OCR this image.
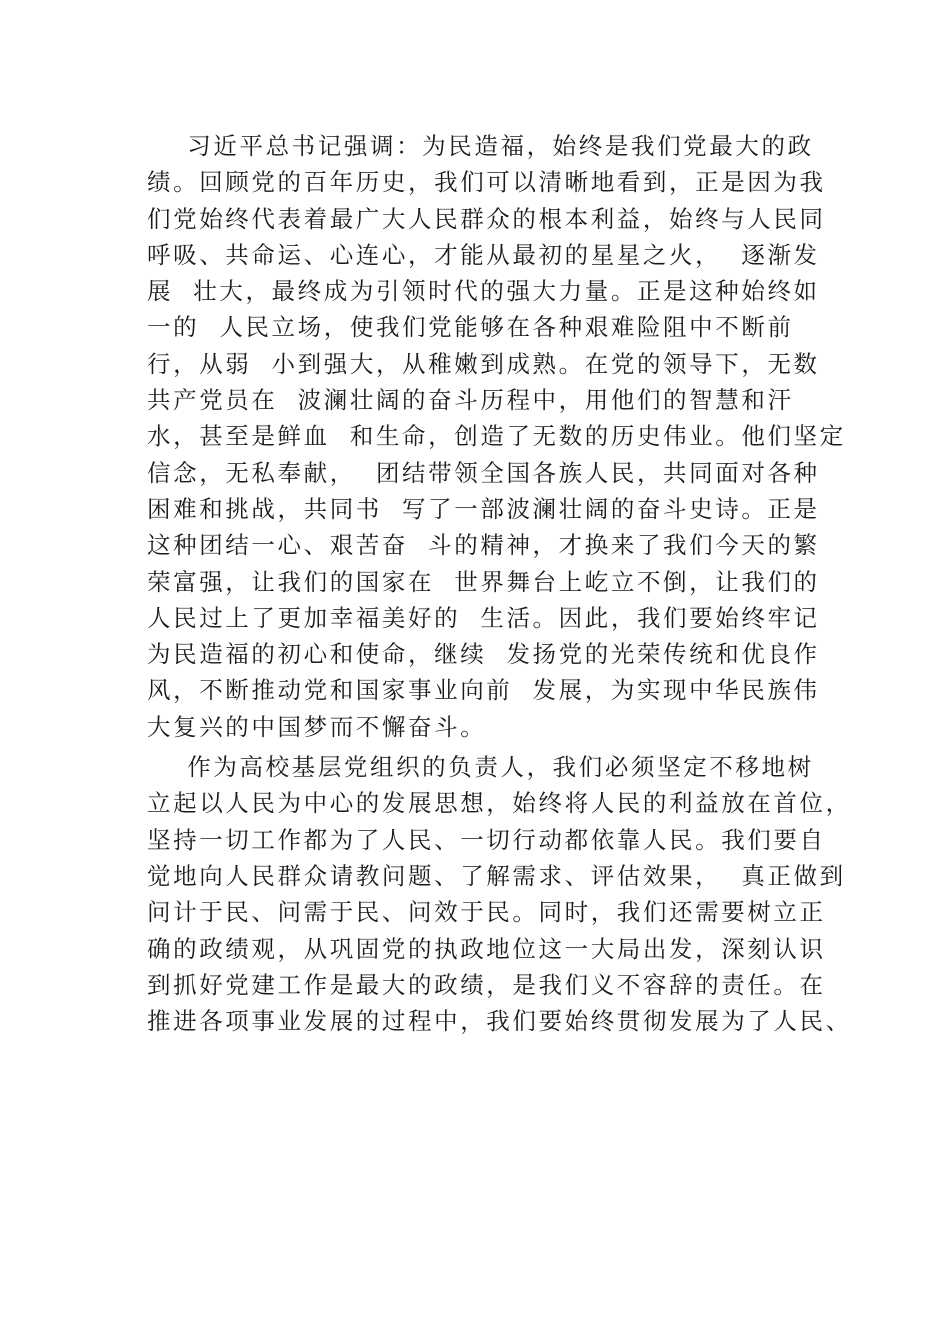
习近平总书记强调：为民造福，始终是我们党最大的政
绩。回顾党的百年历史，我们可以清晰地看到，正是因为我
们党始终代表着最广大人民群众的根本利益，始终与人民同
呼吸、共命运、心连心，才能从最初的星星之火，  逐渐发
展  壮大，最终成为引领时代的强大力量。正是这种始终如
一的  人民立场，使我们党能够在各种艰难险阻中不断前
行，从弱  小到强大，从稚嫩到成熟。在党的领导下，无数
共产党员在  波澜壮阔的奋斗历程中，用他们的智慧和汗
水，甚至是鲜血  和生命，创造了无数的历史伟业。他们坚定
信念，无私奉献，  团结带领全国各族人民，共同面对各种
困难和挑战，共同书  写了一部波澜壮阔的奋斗史诗。正是
这种团结一心、艰苦奋  斗的精神，才换来了我们今天的繁
荣富强，让我们的国家在  世界舞台上屹立不倒，让我们的
人民过上了更加幸福美好的  生活。因此，我们要始终牢记
为民造福的初心和使命，继续  发扬党的光荣传统和优良作
风，不断推动党和国家事业向前  发展，为实现中华民族伟
大复兴的中国梦而不懈奋斗。
作为高校基层党组织的负责人，我们必须坚定不移地树
立起以人民为中心的发展思想，始终将人民的利益放在首位，
坚持一切工作都为了人民、一切行动都依靠人民。我们要自
觉地向人民群众请教问题、了解需求、评估效果，  真正做到
问计于民、问需于民、问效于民。同时，我们还需要树立正
确的政绩观，从巩固党的执政地位这一大局出发，深刻认识
到抓好党建工作是最大的政绩，是我们义不容辞的责任。在
推进各项事业发展的过程中，我们要始终贯彻发展为了人民、
